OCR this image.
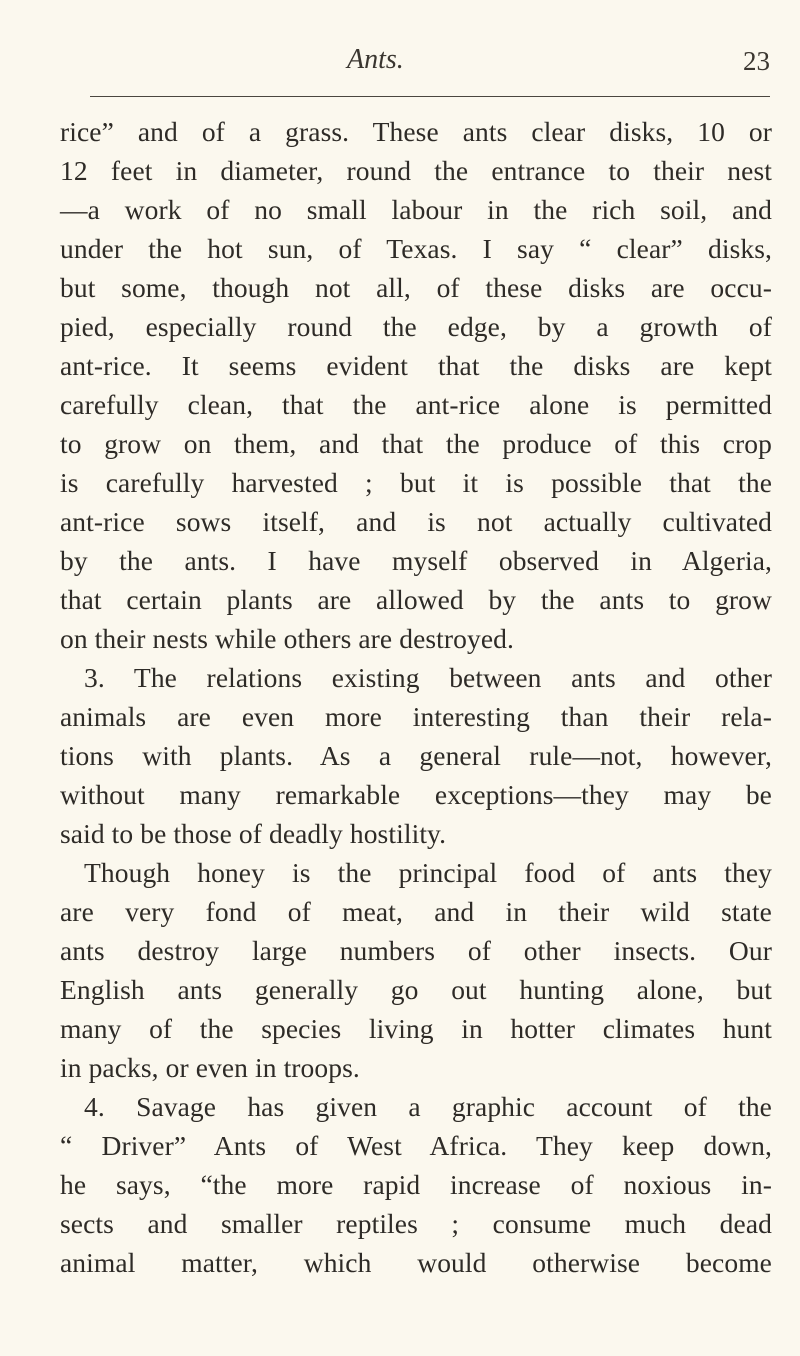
Ants.	23
rice” and of a grass. These ants clear disks, 10 or
12 feet in diameter, round the entrance to their nest
—a work of no small labour in the rich soil, and
under the hot sun, of Texas. I say “ clear” disks,
but some, though not all, of these disks are occu-
pied, especially round the edge, by a growth of
ant-rice. It seems evident that the disks are kept
carefully clean, that the ant-rice alone is permitted
to grow on them, and that the produce of this crop
is carefully harvested ; but it is possible that the
ant-rice sows itself, and is not actually cultivated
by the ants. I have myself observed in Algeria,
that certain plants are allowed by the ants to grow
on their nests while others are destroyed.
3. The relations existing between ants and other
animals are even more interesting than their rela-
tions with plants. As a general rule—not, however,
without many remarkable exceptions—they may be
said to be those of deadly hostility.
Though honey is the principal food of ants they
are very fond of meat, and in their wild state
ants destroy large numbers of other insects. Our
English ants generally go out hunting alone, but
many of the species living in hotter climates hunt
in packs, or even in troops.
4. Savage has given a graphic account of the
“ Driver” Ants of West Africa. They keep down,
he says, “the more rapid increase of noxious in-
sects and smaller reptiles ; consume much dead
animal matter, which would otherwise become
